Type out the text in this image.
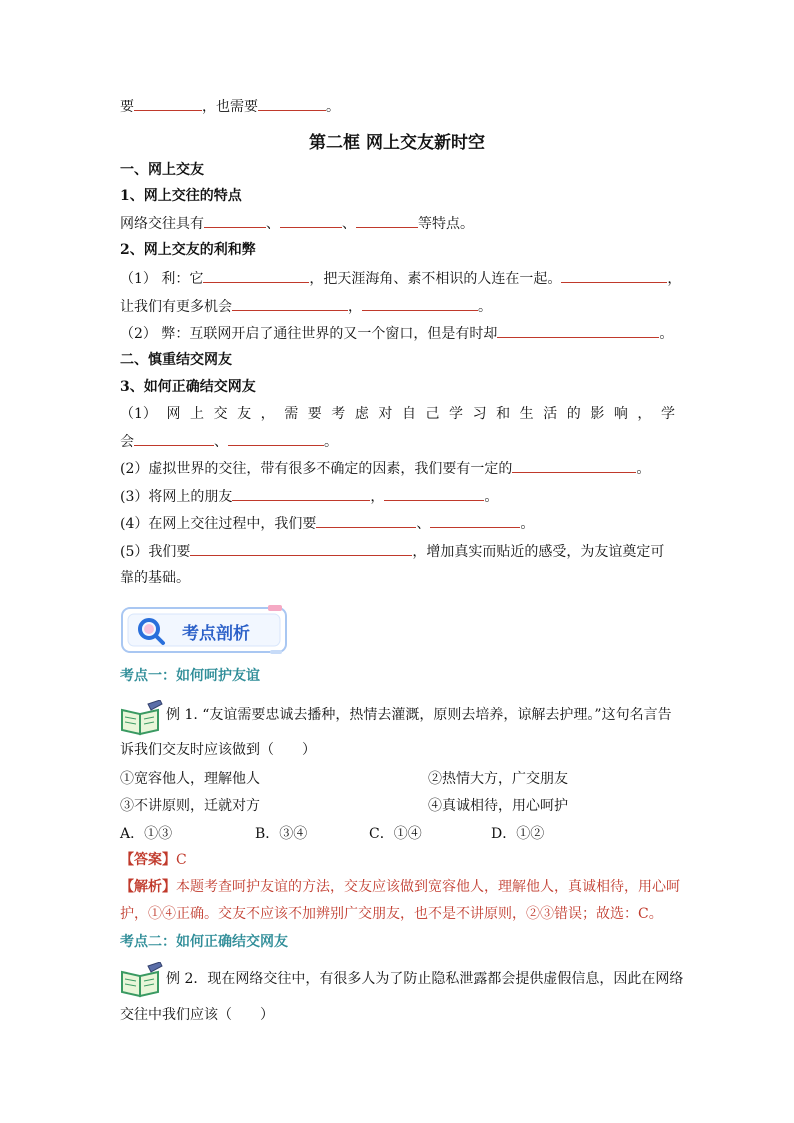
要	，也需要	。
第二框 网上交友新时空
一、网上交友
1、网上交往的特点
网络交往具有	、	、	等特点。
2、网上交友的利和弊
（1） 利：它	，把天涯海角、素不相识的人连在一起。	，
让我们有更多机会	，	。
（2） 弊：互联网开启了通往世界的又一个窗口，但是有时却	。
二、慎重结交网友
3、如何正确结交网友
（1） 网 上 交 友 ， 需 要 考 虑 对 自 己 学 习 和 生 活 的 影 响 ， 学
会	、	。
(2）虚拟世界的交往，带有很多不确定的因素，我们要有一定的	。
(3）将网上的朋友	，	。
(4）在网上交往过程中，我们要	、	。
(5）我们要	，增加真实而贴近的感受，为友谊奠定可
靠的基础。
考点剖析
考点一：如何呵护友谊
例 1. “友谊需要忠诚去播种，热情去灌溉，原则去培养，谅解去护理。”这句名言告
诉我们交友时应该做到（　　）
①宽容他人，理解他人	②热情大方，广交朋友
③不讲原则，迁就对方	④真诚相待，用心呵护
A．①③	B．③④	C．①④	D．①②
【答案】C
【解析】本题考查呵护友谊的方法，交友应该做到宽容他人，理解他人，真诚相待，用心呵
护，①④正确。交友不应该不加辨别广交朋友，也不是不讲原则，②③错误；故选：C。
考点二：如何正确结交网友
例 2．现在网络交往中，有很多人为了防止隐私泄露都会提供虚假信息，因此在网络
交往中我们应该（　　）
